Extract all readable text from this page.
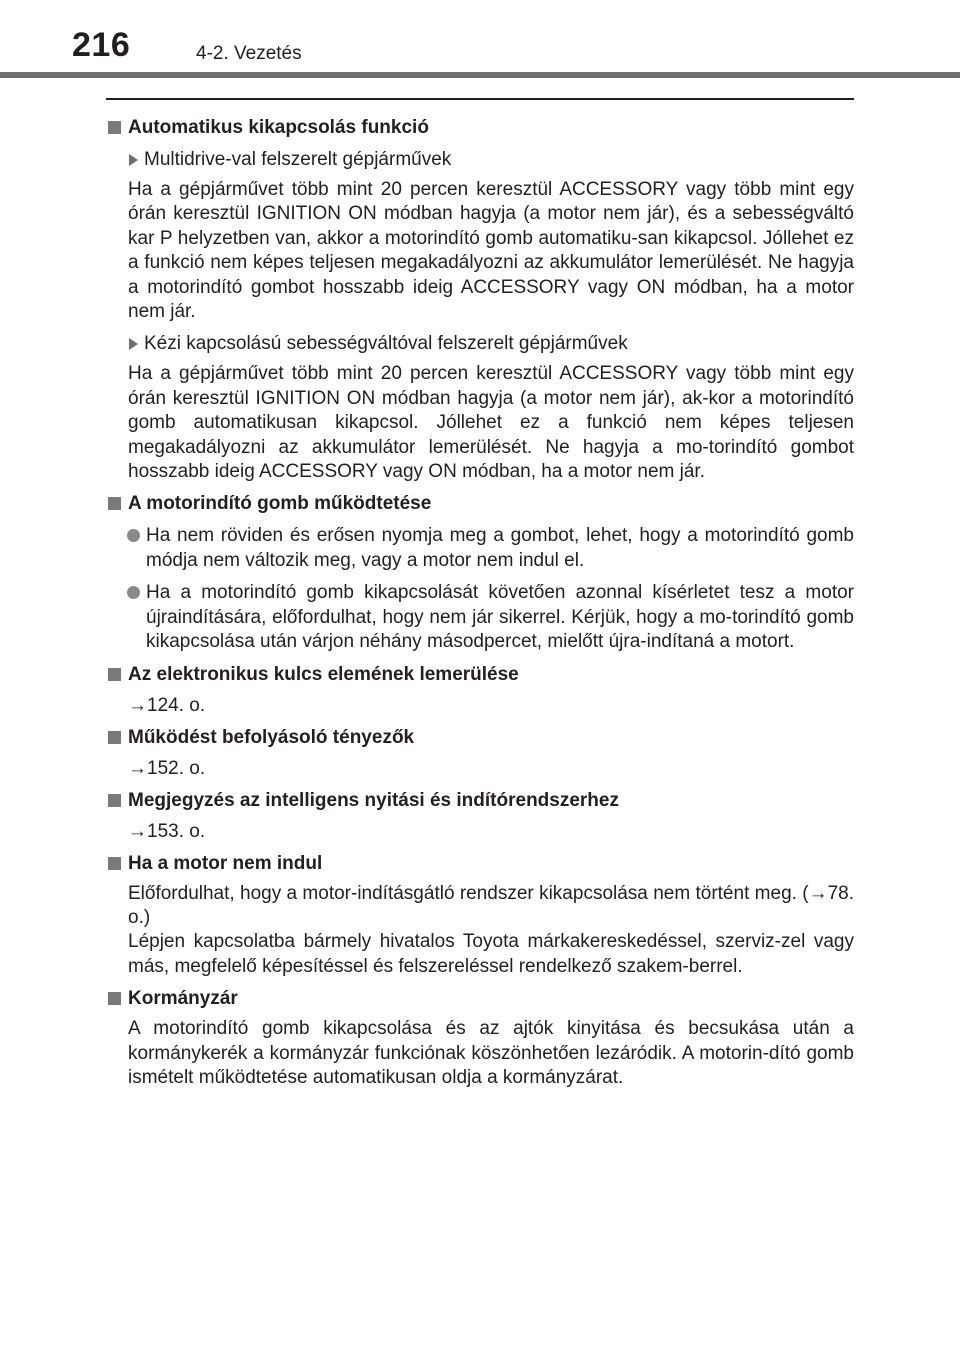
216	4-2. Vezetés
Automatikus kikapcsolás funkció
Multidrive-val felszerelt gépjárművek
Ha a gépjárművet több mint 20 percen keresztül ACCESSORY vagy több mint egy órán keresztül IGNITION ON módban hagyja (a motor nem jár), és a sebességváltó kar P helyzetben van, akkor a motorindító gomb automatiku-san kikapcsol. Jóllehet ez a funkció nem képes teljesen megakadályozni az akkumulátor lemerülését. Ne hagyja a motorindító gombot hosszabb ideig ACCESSORY vagy ON módban, ha a motor nem jár.
Kézi kapcsolású sebességváltóval felszerelt gépjárművek
Ha a gépjárművet több mint 20 percen keresztül ACCESSORY vagy több mint egy órán keresztül IGNITION ON módban hagyja (a motor nem jár), ak-kor a motorindító gomb automatikusan kikapcsol. Jóllehet ez a funkció nem képes teljesen megakadályozni az akkumulátor lemerülését. Ne hagyja a mo-torindító gombot hosszabb ideig ACCESSORY vagy ON módban, ha a motor nem jár.
A motorindító gomb működtetése
Ha nem röviden és erősen nyomja meg a gombot, lehet, hogy a motorindító gomb módja nem változik meg, vagy a motor nem indul el.
Ha a motorindító gomb kikapcsolását követően azonnal kísérletet tesz a motor újraindítására, előfordulhat, hogy nem jár sikerrel. Kérjük, hogy a mo-torindító gomb kikapcsolása után várjon néhány másodpercet, mielőtt újra-indítaná a motort.
Az elektronikus kulcs elemének lemerülése
→124. o.
Működést befolyásoló tényezők
→152. o.
Megjegyzés az intelligens nyitási és indítórendszerhez
→153. o.
Ha a motor nem indul
Előfordulhat, hogy a motor-indításgátló rendszer kikapcsolása nem történt meg. (→78. o.)
Lépjen kapcsolatba bármely hivatalos Toyota márkakereskedéssel, szerviz-zel vagy más, megfelelő képesítéssel és felszereléssel rendelkező szakem-berrel.
Kormányzár
A motorindító gomb kikapcsolása és az ajtók kinyitása és becsukása után a kormánykerék a kormányzár funkciónak köszönhetően lezáródik. A motorin-dító gomb ismételt működtetése automatikusan oldja a kormányzárat.
